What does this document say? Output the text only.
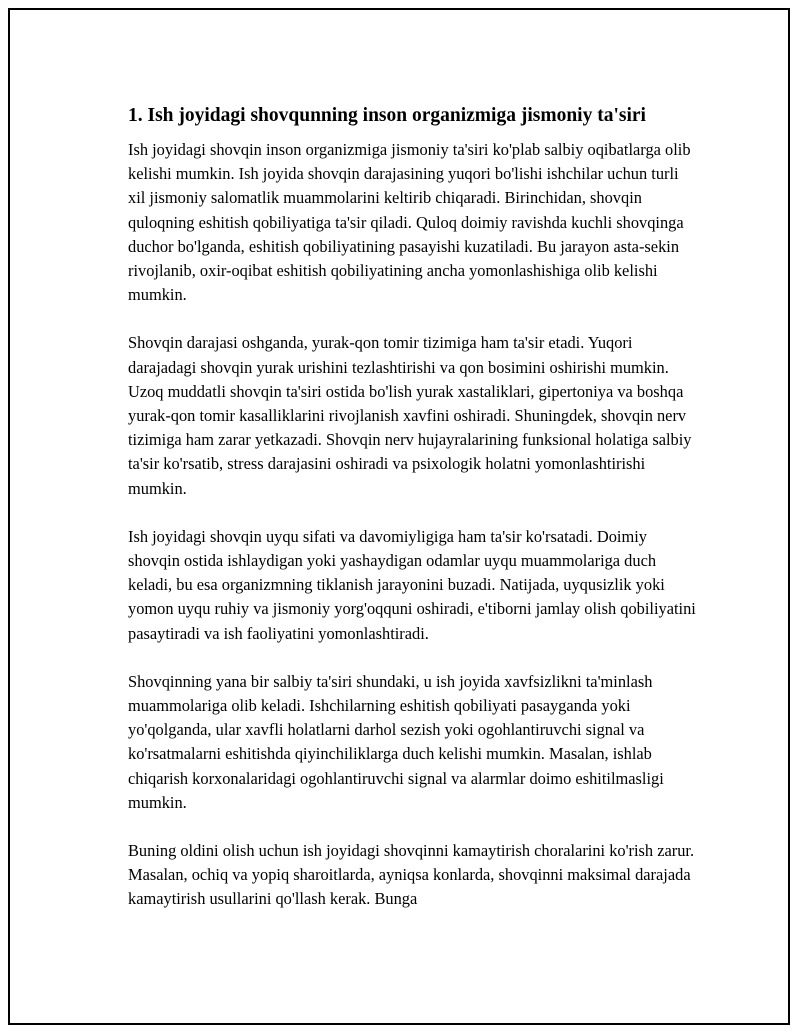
1. Ish joyidagi shovqunning inson organizmiga jismoniy ta'siri

Ish joyidagi shovqin inson organizmiga jismoniy ta'siri ko'plab salbiy oqibatlarga olib kelishi mumkin. Ish joyida shovqin darajasining yuqori bo'lishi ishchilar uchun turli xil jismoniy salomatlik muammolarini keltirib chiqaradi. Birinchidan, shovqin quloqning eshitish qobiliyatiga ta'sir qiladi. Quloq doimiy ravishda kuchli shovqinga duchor bo'lganda, eshitish qobiliyatining pasayishi kuzatiladi. Bu jarayon asta-sekin rivojlanib, oxir-oqibat eshitish qobiliyatining ancha yomonlashishiga olib kelishi mumkin.

Shovqin darajasi oshganda, yurak-qon tomir tizimiga ham ta'sir etadi. Yuqori darajadagi shovqin yurak urishini tezlashtirishi va qon bosimini oshirishi mumkin. Uzoq muddatli shovqin ta'siri ostida bo'lish yurak xastaliklari, gipertoniya va boshqa yurak-qon tomir kasalliklarini rivojlanish xavfini oshiradi. Shuningdek, shovqin nerv tizimiga ham zarar yetkazadi. Shovqin nerv hujayralarining funksional holatiga salbiy ta'sir ko'rsatib, stress darajasini oshiradi va psixologik holatni yomonlashtirishi mumkin.

Ish joyidagi shovqin uyqu sifati va davomiyligiga ham ta'sir ko'rsatadi. Doimiy shovqin ostida ishlaydigan yoki yashaydigan odamlar uyqu muammolariga duch keladi, bu esa organizmning tiklanish jarayonini buzadi. Natijada, uyqusizlik yoki yomon uyqu ruhiy va jismoniy yorg'oqquni oshiradi, e'tiborni jamlay olish qobiliyatini pasaytiradi va ish faoliyatini yomonlashtiradi.

Shovqinning yana bir salbiy ta'siri shundaki, u ish joyida xavfsizlikni ta'minlash muammolariga olib keladi. Ishchilarning eshitish qobiliyati pasayganda yoki yo'qolganda, ular xavfli holatlarni darhol sezish yoki ogohlantiruvchi signal va ko'rsatmalarni eshitishda qiyinchiliklarga duch kelishi mumkin. Masalan, ishlab chiqarish korxonalaridagi ogohlantiruvchi signal va alarmlar doimo eshitilmasligi mumkin.

Buning oldini olish uchun ish joyidagi shovqinni kamaytirish choralarini ko'rish zarur. Masalan, ochiq va yopiq sharoitlarda, ayniqsa konlarda, shovqinni maksimal darajada kamaytirish usullarini qo'llash kerak. Bunga
